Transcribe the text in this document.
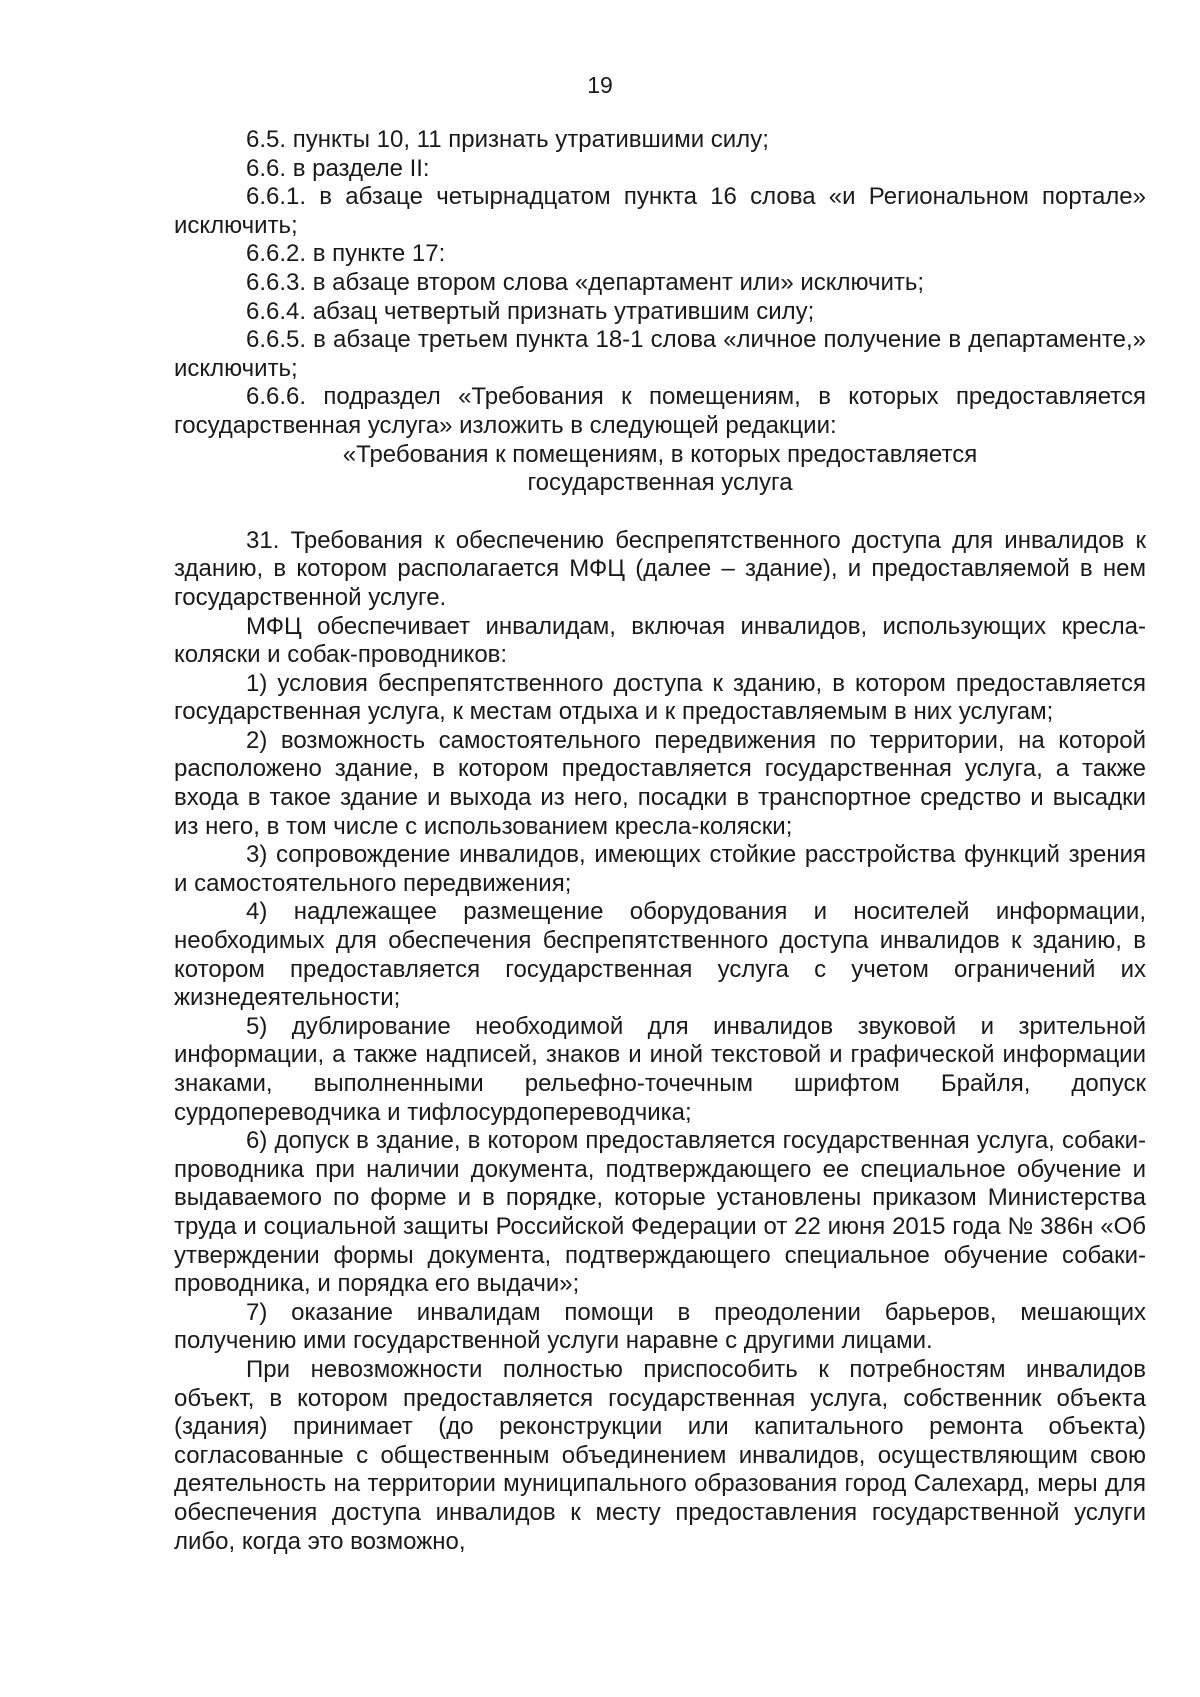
19

6.5. пункты 10, 11 признать утратившими силу;

6.6. в разделе II:

6.6.1. в абзаце четырнадцатом пункта 16 слова «и Региональном портале» исключить;

6.6.2. в пункте 17:

6.6.3. в абзаце втором слова «департамент или» исключить;

6.6.4. абзац четвертый признать утратившим силу;

6.6.5. в абзаце третьем пункта 18-1 слова «личное получение в департаменте,» исключить;

6.6.6. подраздел «Требования к помещениям, в которых предоставляется государственная услуга» изложить в следующей редакции:

«Требования к помещениям, в которых предоставляется

государственная услуга

31. Требования к обеспечению беспрепятственного доступа для инвалидов к зданию, в котором располагается МФЦ (далее – здание), и предоставляемой в нем государственной услуге.

МФЦ обеспечивает инвалидам, включая инвалидов, использующих кресла-коляски и собак-проводников:

1) условия беспрепятственного доступа к зданию, в котором предоставляется государственная услуга, к местам отдыха и к предоставляемым в них услугам;

2) возможность самостоятельного передвижения по территории, на которой расположено здание, в котором предоставляется государственная услуга, а также входа в такое здание и выхода из него, посадки в транспортное средство и высадки из него, в том числе с использованием кресла-коляски;

3) сопровождение инвалидов, имеющих стойкие расстройства функций зрения и самостоятельного передвижения;

4) надлежащее размещение оборудования и носителей информации, необходимых для обеспечения беспрепятственного доступа инвалидов к зданию, в котором предоставляется государственная услуга с учетом ограничений их жизнедеятельности;

5) дублирование необходимой для инвалидов звуковой и зрительной информации, а также надписей, знаков и иной текстовой и графической информации знаками, выполненными рельефно-точечным шрифтом Брайля, допуск сурдопереводчика и тифлосурдопереводчика;

6) допуск в здание, в котором предоставляется государственная услуга, собаки-проводника при наличии документа, подтверждающего ее специальное обучение и выдаваемого по форме и в порядке, которые установлены приказом Министерства труда и социальной защиты Российской Федерации от 22 июня 2015 года № 386н «Об утверждении формы документа, подтверждающего специальное обучение собаки-проводника, и порядка его выдачи»;

7) оказание инвалидам помощи в преодолении барьеров, мешающих получению ими государственной услуги наравне с другими лицами.

При невозможности полностью приспособить к потребностям инвалидов объект, в котором предоставляется государственная услуга, собственник объекта (здания) принимает (до реконструкции или капитального ремонта объекта) согласованные с общественным объединением инвалидов, осуществляющим свою деятельность на территории муниципального образования город Салехард, меры для обеспечения доступа инвалидов к месту предоставления государственной услуги либо, когда это возможно,
